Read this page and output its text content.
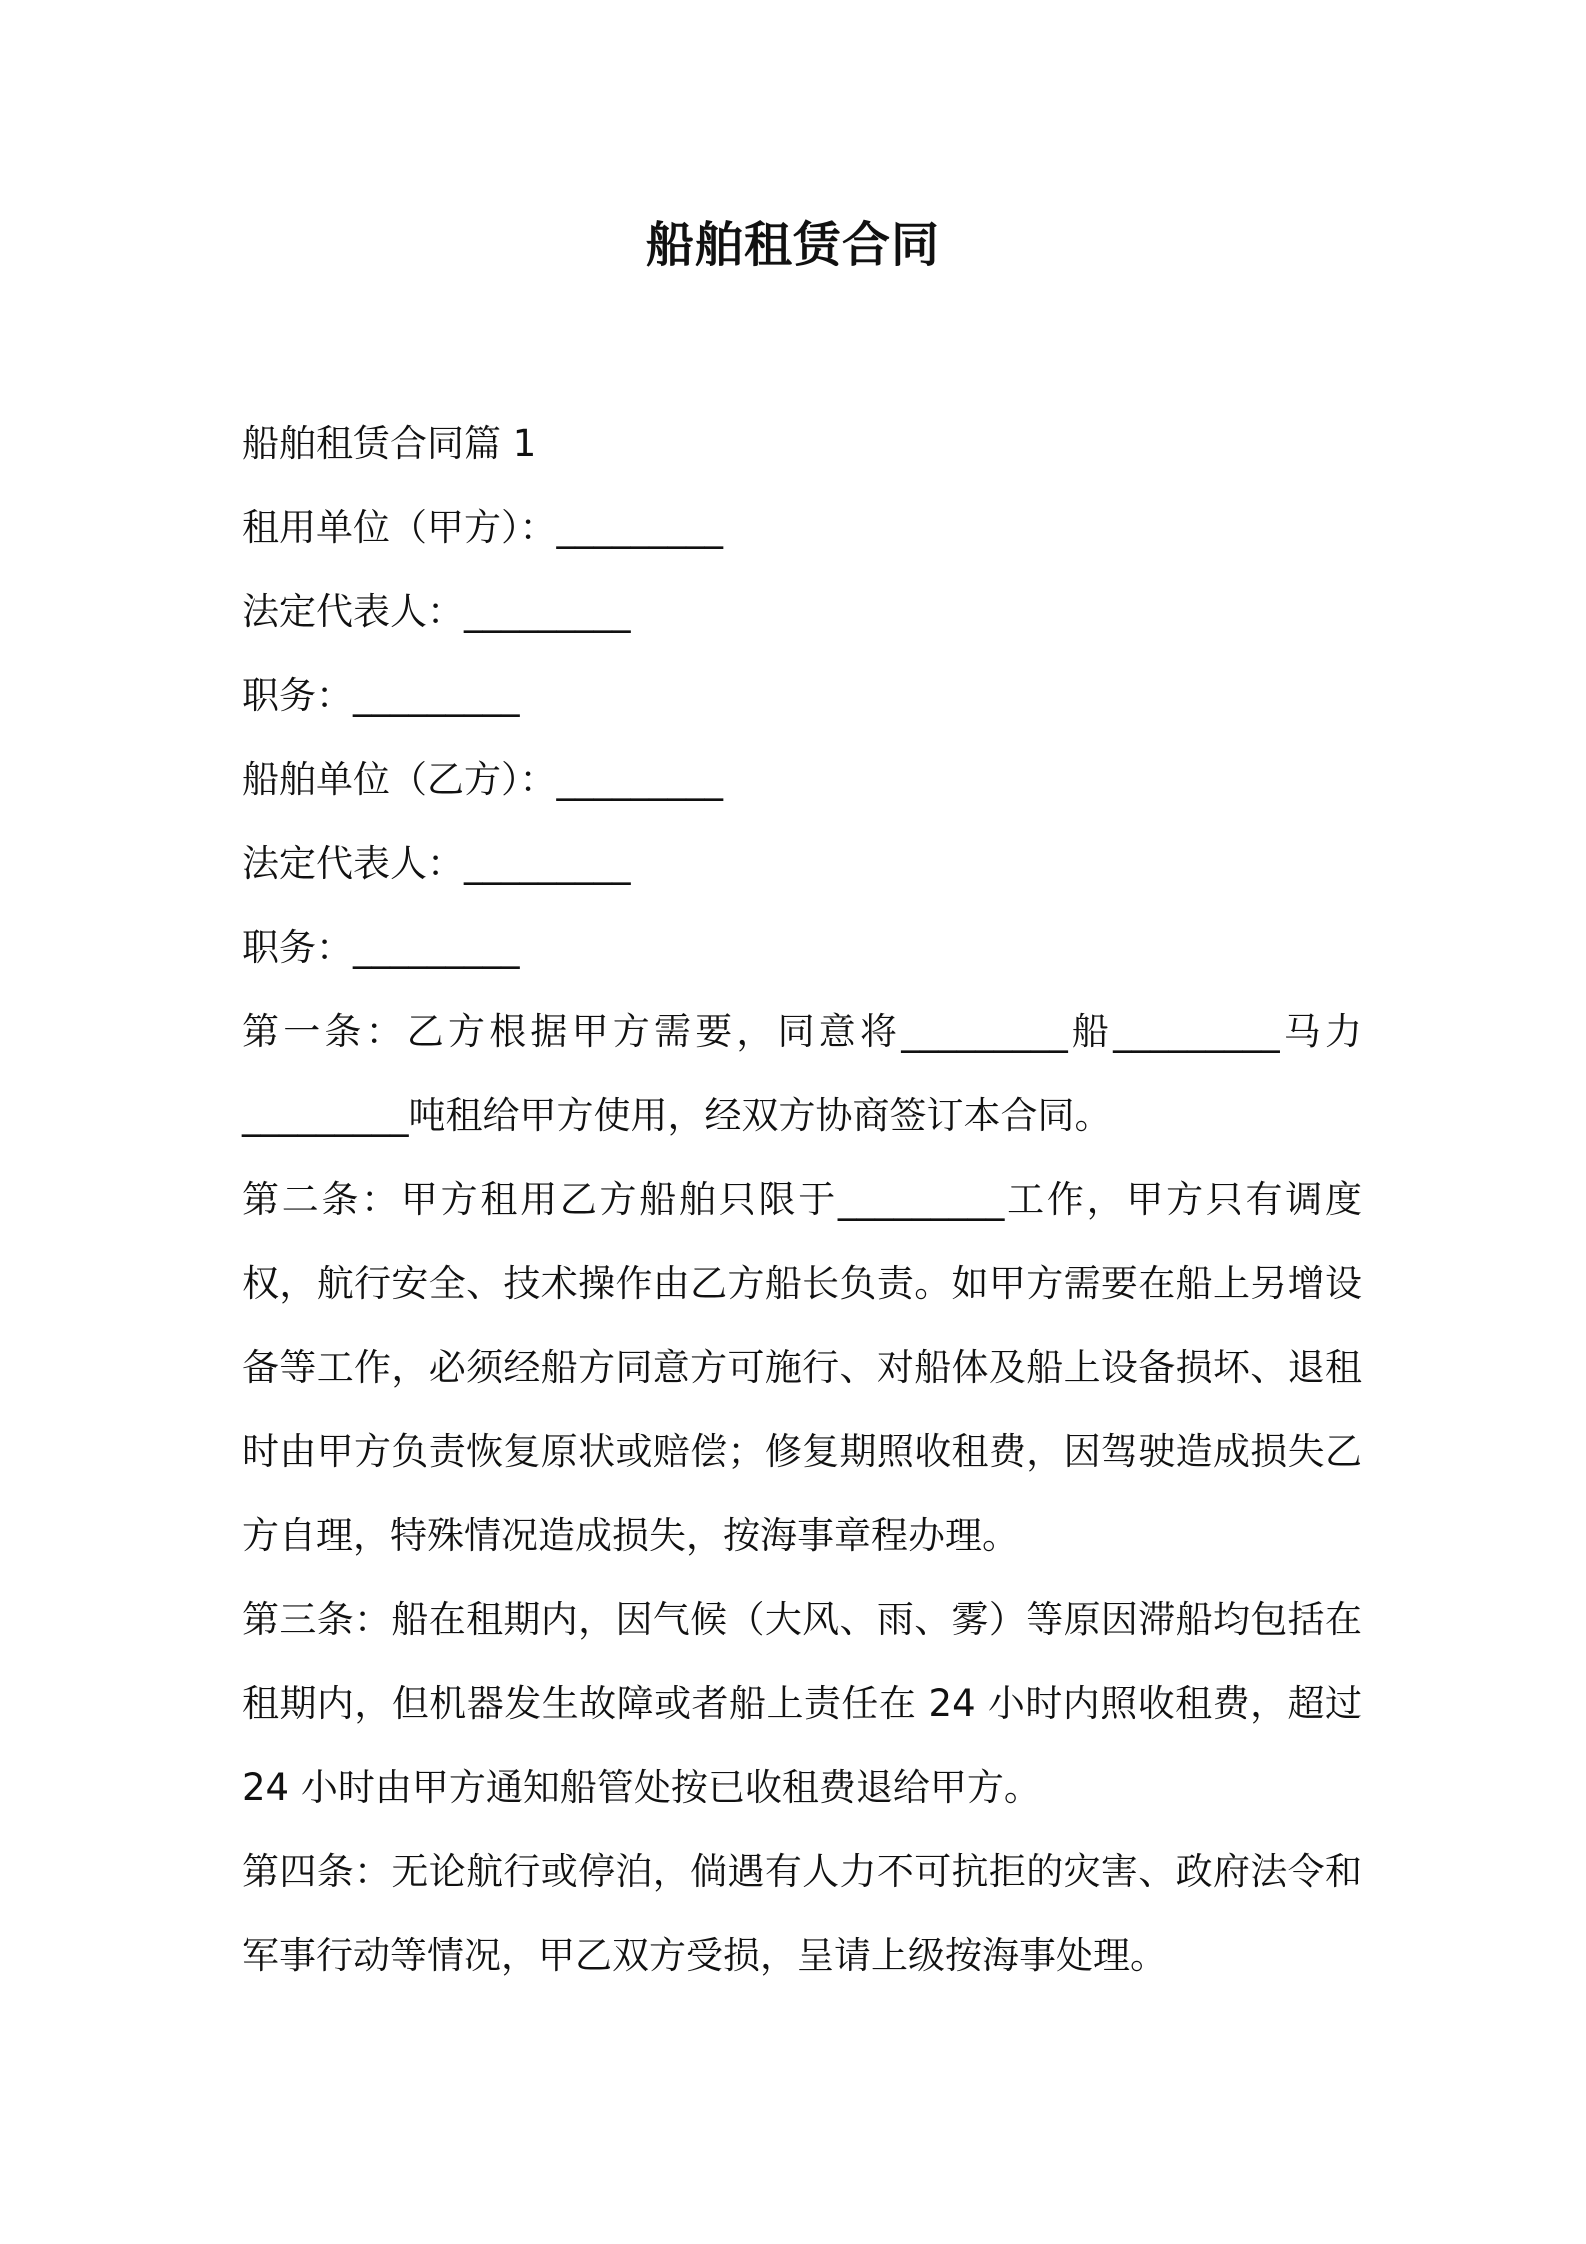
船舶租赁合同
船舶租赁合同篇 1
租用单位（甲方）：_________
法定代表人：_________
职务：_________
船舶单位（乙方）：_________
法定代表人：_________
职务：_________
第一条：乙方根据甲方需要，同意将_________船_________马力_________吨租给甲方使用，经双方协商签订本合同。
第二条：甲方租用乙方船舶只限于_________工作，甲方只有调度权，航行安全、技术操作由乙方船长负责。如甲方需要在船上另增设备等工作，必须经船方同意方可施行、对船体及船上设备损坏、退租时由甲方负责恢复原状或赔偿；修复期照收租费，因驾驶造成损失乙方自理，特殊情况造成损失，按海事章程办理。
第三条：船在租期内，因气候（大风、雨、雾）等原因滞船均包括在租期内，但机器发生故障或者船上责任在 24 小时内照收租费，超过 24 小时由甲方通知船管处按已收租费退给甲方。
第四条：无论航行或停泊，倘遇有人力不可抗拒的灾害、政府法令和军事行动等情况，甲乙双方受损，呈请上级按海事处理。
